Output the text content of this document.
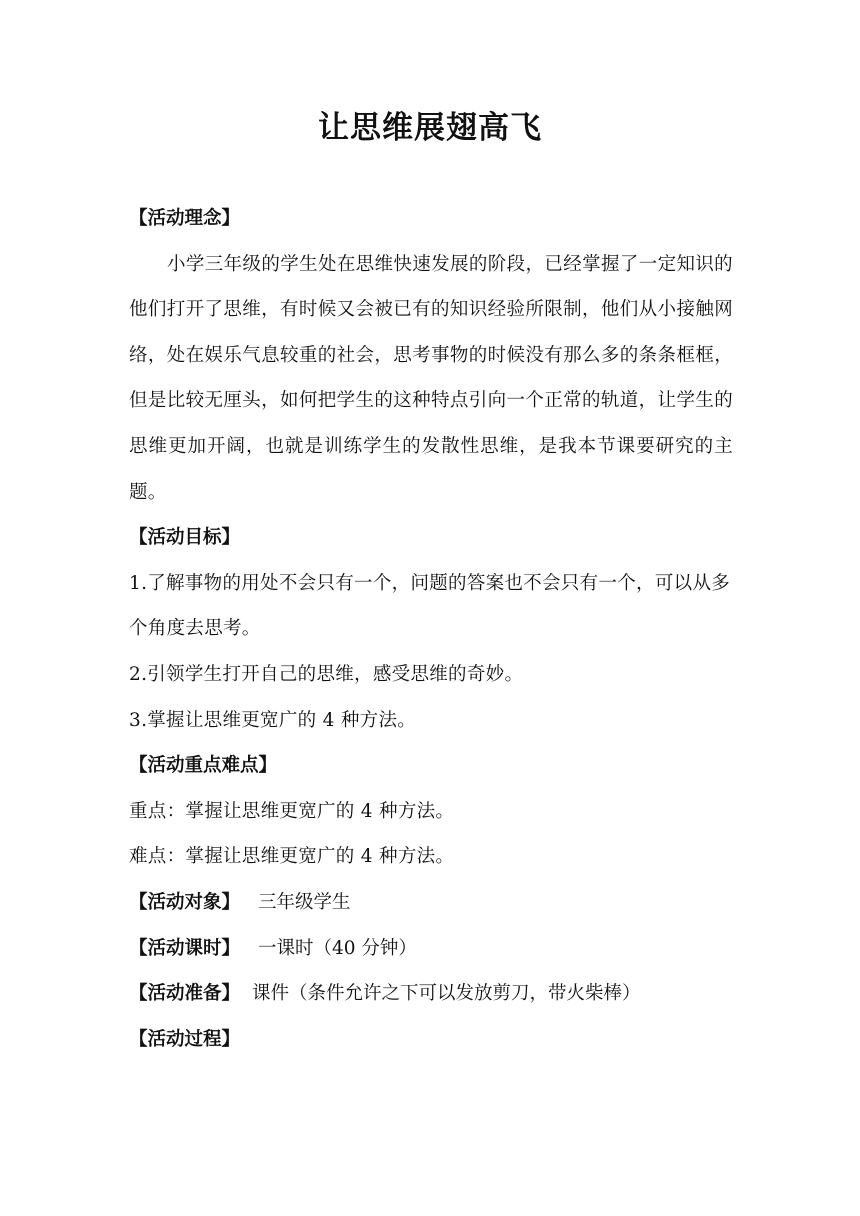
让思维展翅高飞

【活动理念】

小学三年级的学生处在思维快速发展的阶段，已经掌握了一定知识的他们打开了思维，有时候又会被已有的知识经验所限制，他们从小接触网络，处在娱乐气息较重的社会，思考事物的时候没有那么多的条条框框，但是比较无厘头，如何把学生的这种特点引向一个正常的轨道，让学生的思维更加开阔，也就是训练学生的发散性思维，是我本节课要研究的主题。

【活动目标】

1.了解事物的用处不会只有一个，问题的答案也不会只有一个，可以从多个角度去思考。

2.引领学生打开自己的思维，感受思维的奇妙。

3.掌握让思维更宽广的 4 种方法。

【活动重点难点】

重点：掌握让思维更宽广的 4 种方法。

难点：掌握让思维更宽广的 4 种方法。

【活动对象】 三年级学生

【活动课时】 一课时（40 分钟）

【活动准备】 课件（条件允许之下可以发放剪刀，带火柴棒）

【活动过程】
